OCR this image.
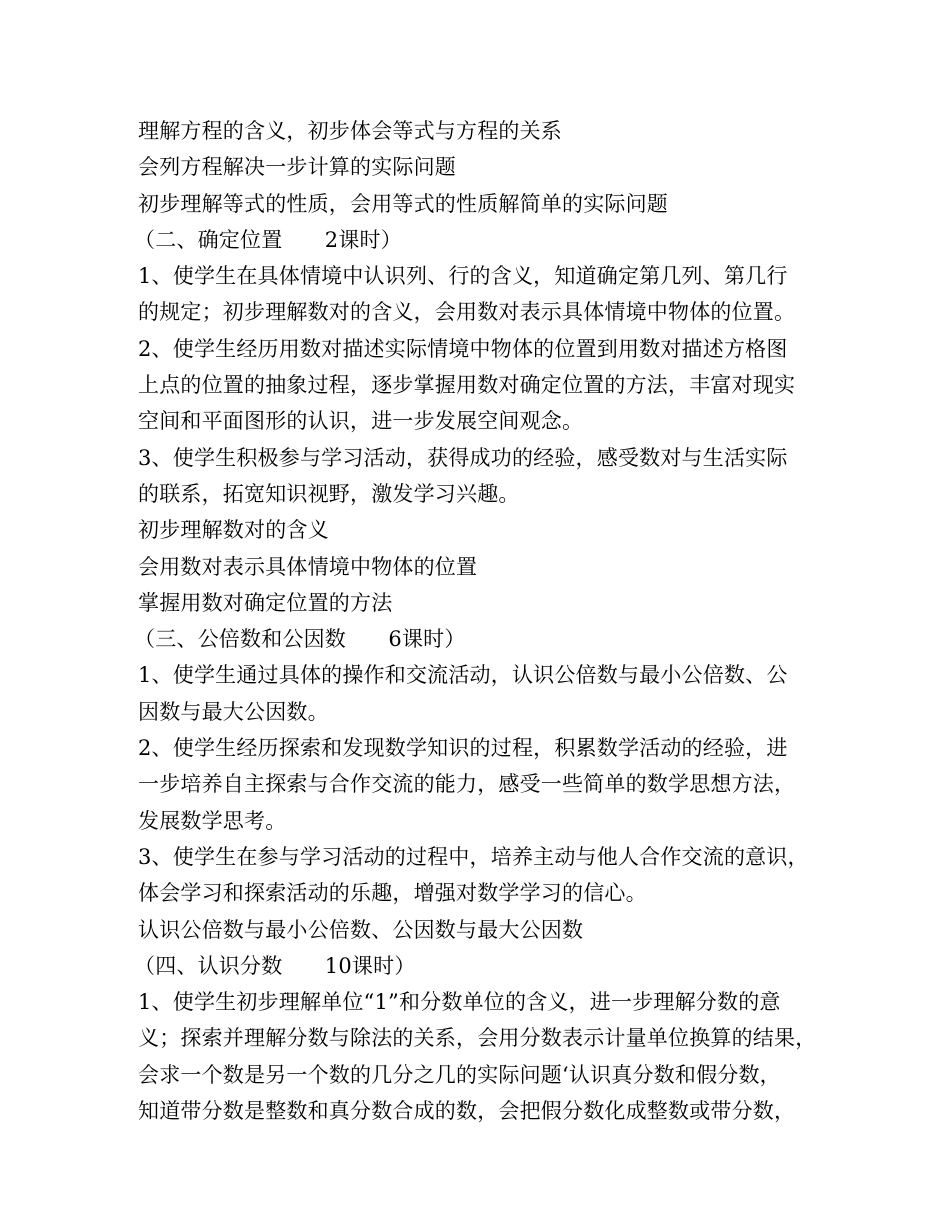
理解方程的含义，初步体会等式与方程的关系
会列方程解决一步计算的实际问题
初步理解等式的性质，会用等式的性质解简单的实际问题
（二、确定位置　　2课时）
1、使学生在具体情境中认识列、行的含义，知道确定第几列、第几行
的规定；初步理解数对的含义，会用数对表示具体情境中物体的位置。
2、使学生经历用数对描述实际情境中物体的位置到用数对描述方格图
上点的位置的抽象过程，逐步掌握用数对确定位置的方法，丰富对现实
空间和平面图形的认识，进一步发展空间观念。
3、使学生积极参与学习活动，获得成功的经验，感受数对与生活实际
的联系，拓宽知识视野，激发学习兴趣。
初步理解数对的含义
会用数对表示具体情境中物体的位置
掌握用数对确定位置的方法
（三、公倍数和公因数　　6课时）
1、使学生通过具体的操作和交流活动，认识公倍数与最小公倍数、公
因数与最大公因数。
2、使学生经历探索和发现数学知识的过程，积累数学活动的经验，进
一步培养自主探索与合作交流的能力，感受一些简单的数学思想方法，
发展数学思考。
3、使学生在参与学习活动的过程中，培养主动与他人合作交流的意识，
体会学习和探索活动的乐趣，增强对数学学习的信心。
认识公倍数与最小公倍数、公因数与最大公因数
（四、认识分数　　10课时）
1、使学生初步理解单位“1”和分数单位的含义，进一步理解分数的意
义；探索并理解分数与除法的关系，会用分数表示计量单位换算的结果，
会求一个数是另一个数的几分之几的实际问题‘认识真分数和假分数，
知道带分数是整数和真分数合成的数，会把假分数化成整数或带分数，
